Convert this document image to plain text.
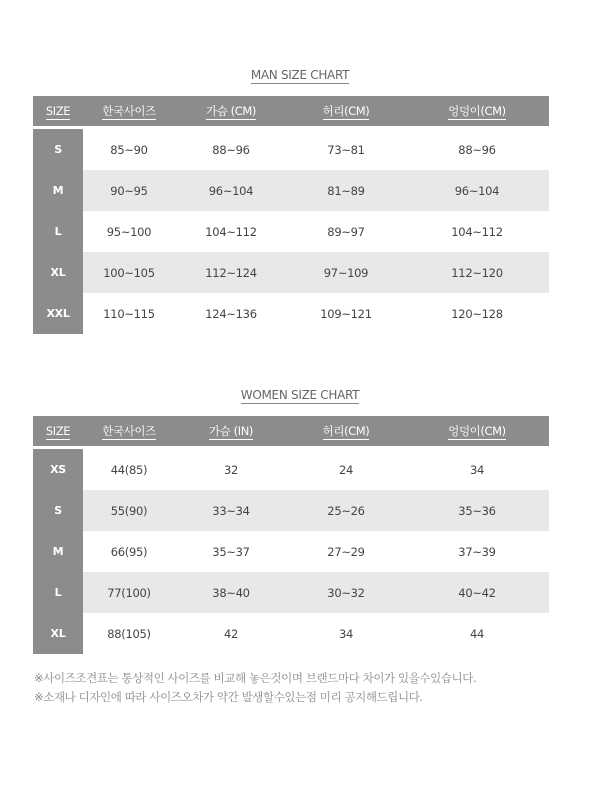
MAN SIZE CHART
SIZE	한국사이즈	가슴 (CM)	허리(CM)	엉덩이(CM)
S	85~90	88~96	73~81	88~96
M	90~95	96~104	81~89	96~104
L	95~100	104~112	89~97	104~112
XL	100~105	112~124	97~109	112~120
XXL	110~115	124~136	109~121	120~128
WOMEN SIZE CHART
SIZE	한국사이즈	가슴 (IN)	허리(CM)	엉덩이(CM)
XS	44(85)	32	24	34
S	55(90)	33~34	25~26	35~36
M	66(95)	35~37	27~29	37~39
L	77(100)	38~40	30~32	40~42
XL	88(105)	42	34	44

※사이즈조견표는 통상적인 사이즈를 비교해 놓은것이며 브랜드마다 차이가 있을수있습니다.

※소재나 디자인에 따라 사이즈오차가 약간 발생할수있는점 미리 공지해드립니다.
